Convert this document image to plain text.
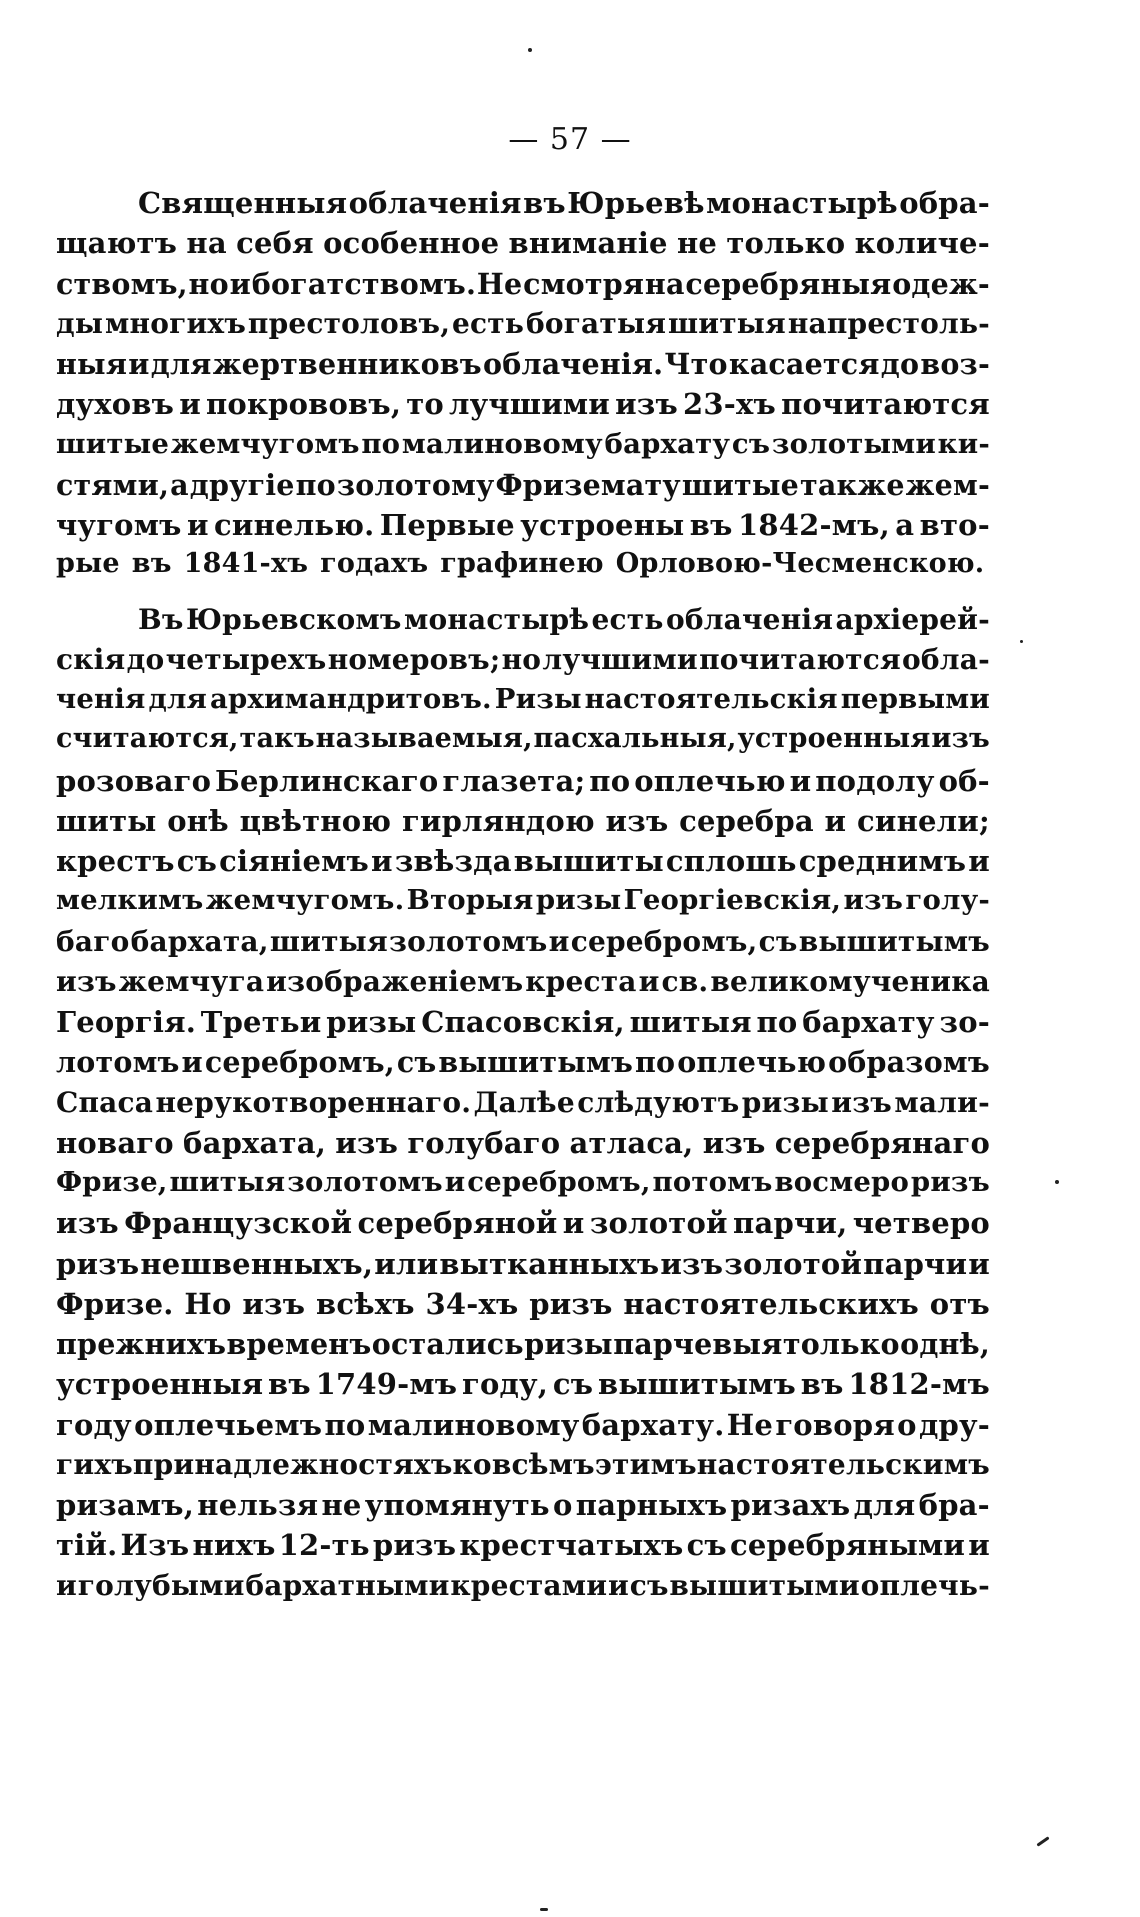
— 57 —
Священныя облаченія въ Юрьевѣ монастырѣ обра-
щаютъ на себя особенное вниманіе не только количе-
ствомъ, но и богатствомъ. Не смотря на серебряныя одеж-
ды многихъ престоловъ, есть богатыя шитыя напрестоль-
ныя и для жертвенниковъ облаченія. Что касается до воз-
духовъ и покрововъ, то лучшими изъ 23-хъ почитаются
шитые жемчугомъ по малиновому бархату съ золотыми ки-
стями, а другіе по золотому Фриземату шитые также жем-
чугомъ и синелью. Первые устроены въ 1842-мъ, а вто-
рые въ 1841-хъ годахъ графинею Орловою-Чесменскою.
Въ Юрьевскомъ монастырѣ есть облаченія архіерей-
скія до четырехъ номеровъ; но лучшими почитаются обла-
ченія для архимандритовъ. Ризы настоятельскія первыми
считаются, такъ называемыя, пасхальныя, устроенныя изъ
розоваго Берлинскаго глазета; по оплечью и подолу об-
шиты онѣ цвѣтною гирляндою изъ серебра и синели;
крестъ съ сіяніемъ и звѣзда вышиты сплошь среднимъ и
мелкимъ жемчугомъ. Вторыя ризы Георгіевскія, изъ голу-
баго бархата, шитыя золотомъ и серебромъ, съ вышитымъ
изъ жемчуга изображеніемъ креста и св. великомученика
Георгія. Третьи ризы Спасовскія, шитыя по бархату зо-
лотомъ и серебромъ, съ вышитымъ по оплечью образомъ
Спаса нерукотвореннаго. Далѣе слѣдуютъ ризы изъ мали-
новаго бархата, изъ голубаго атласа, изъ серебрянаго
Фризе, шитыя золотомъ и серебромъ, потомъ восмеро ризъ
изъ Французской серебряной и золотой парчи, четверо
ризъ нешвенныхъ, или вытканныхъ изъ золотой парчи и
Фризе. Но изъ всѣхъ 34-хъ ризъ настоятельскихъ отъ
прежнихъ временъ остались ризы парчевыя только однѣ,
устроенныя въ 1749-мъ году, съ вышитымъ въ 1812-мъ
году оплечьемъ по малиновому бархату. Не говоря о дру-
гихъ принадлежностяхъ ко всѣмъ этимъ настоятельскимъ
ризамъ, нельзя не упомянуть о парныхъ ризахъ для бра-
тій. Изъ нихъ 12-ть ризъ крестчатыхъ съ серебряными и
и голубыми бархатными крестами и съ вышитыми оплечь-
